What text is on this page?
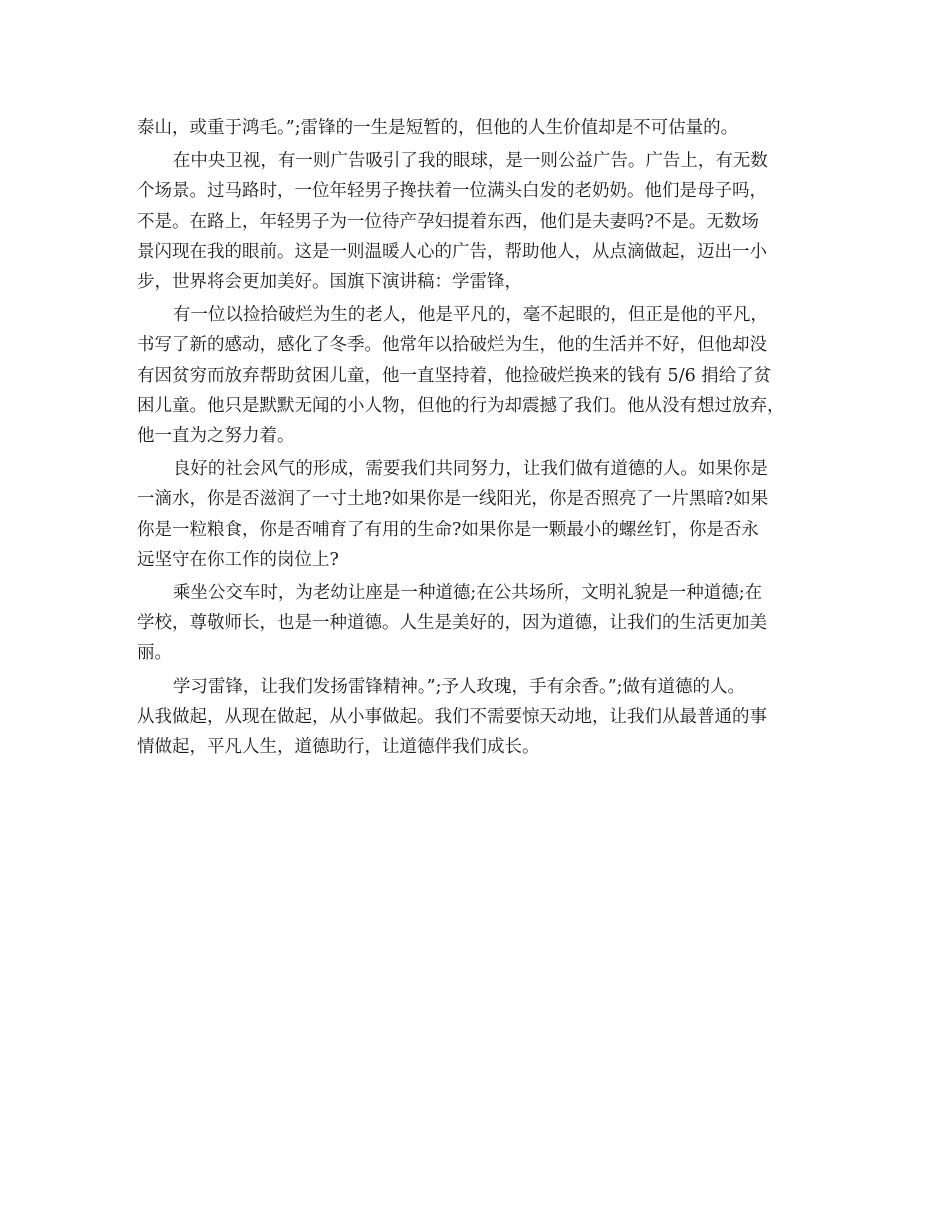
泰山，或重于鸿毛。”;雷锋的一生是短暂的，但他的人生价值却是不可估量的。
在中央卫视，有一则广告吸引了我的眼球，是一则公益广告。广告上，有无数
个场景。过马路时，一位年轻男子搀扶着一位满头白发的老奶奶。他们是母子吗，
不是。在路上，年轻男子为一位待产孕妇提着东西，他们是夫妻吗?不是。无数场
景闪现在我的眼前。这是一则温暖人心的广告，帮助他人，从点滴做起，迈出一小
步，世界将会更加美好。国旗下演讲稿：学雷锋，
有一位以捡拾破烂为生的老人，他是平凡的，毫不起眼的，但正是他的平凡，
书写了新的感动，感化了冬季。他常年以拾破烂为生，他的生活并不好，但他却没
有因贫穷而放弃帮助贫困儿童，他一直坚持着，他捡破烂换来的钱有 5/6 捐给了贫
困儿童。他只是默默无闻的小人物，但他的行为却震撼了我们。他从没有想过放弃，
他一直为之努力着。
良好的社会风气的形成，需要我们共同努力，让我们做有道德的人。如果你是
一滴水，你是否滋润了一寸土地?如果你是一线阳光，你是否照亮了一片黑暗?如果
你是一粒粮食，你是否哺育了有用的生命?如果你是一颗最小的螺丝钉，你是否永
远坚守在你工作的岗位上?
乘坐公交车时，为老幼让座是一种道德;在公共场所，文明礼貌是一种道德;在
学校，尊敬师长，也是一种道德。人生是美好的，因为道德，让我们的生活更加美
丽。
学习雷锋，让我们发扬雷锋精神。”;予人玫瑰，手有余香。”;做有道德的人。
从我做起，从现在做起，从小事做起。我们不需要惊天动地，让我们从最普通的事
情做起，平凡人生，道德助行，让道德伴我们成长。
